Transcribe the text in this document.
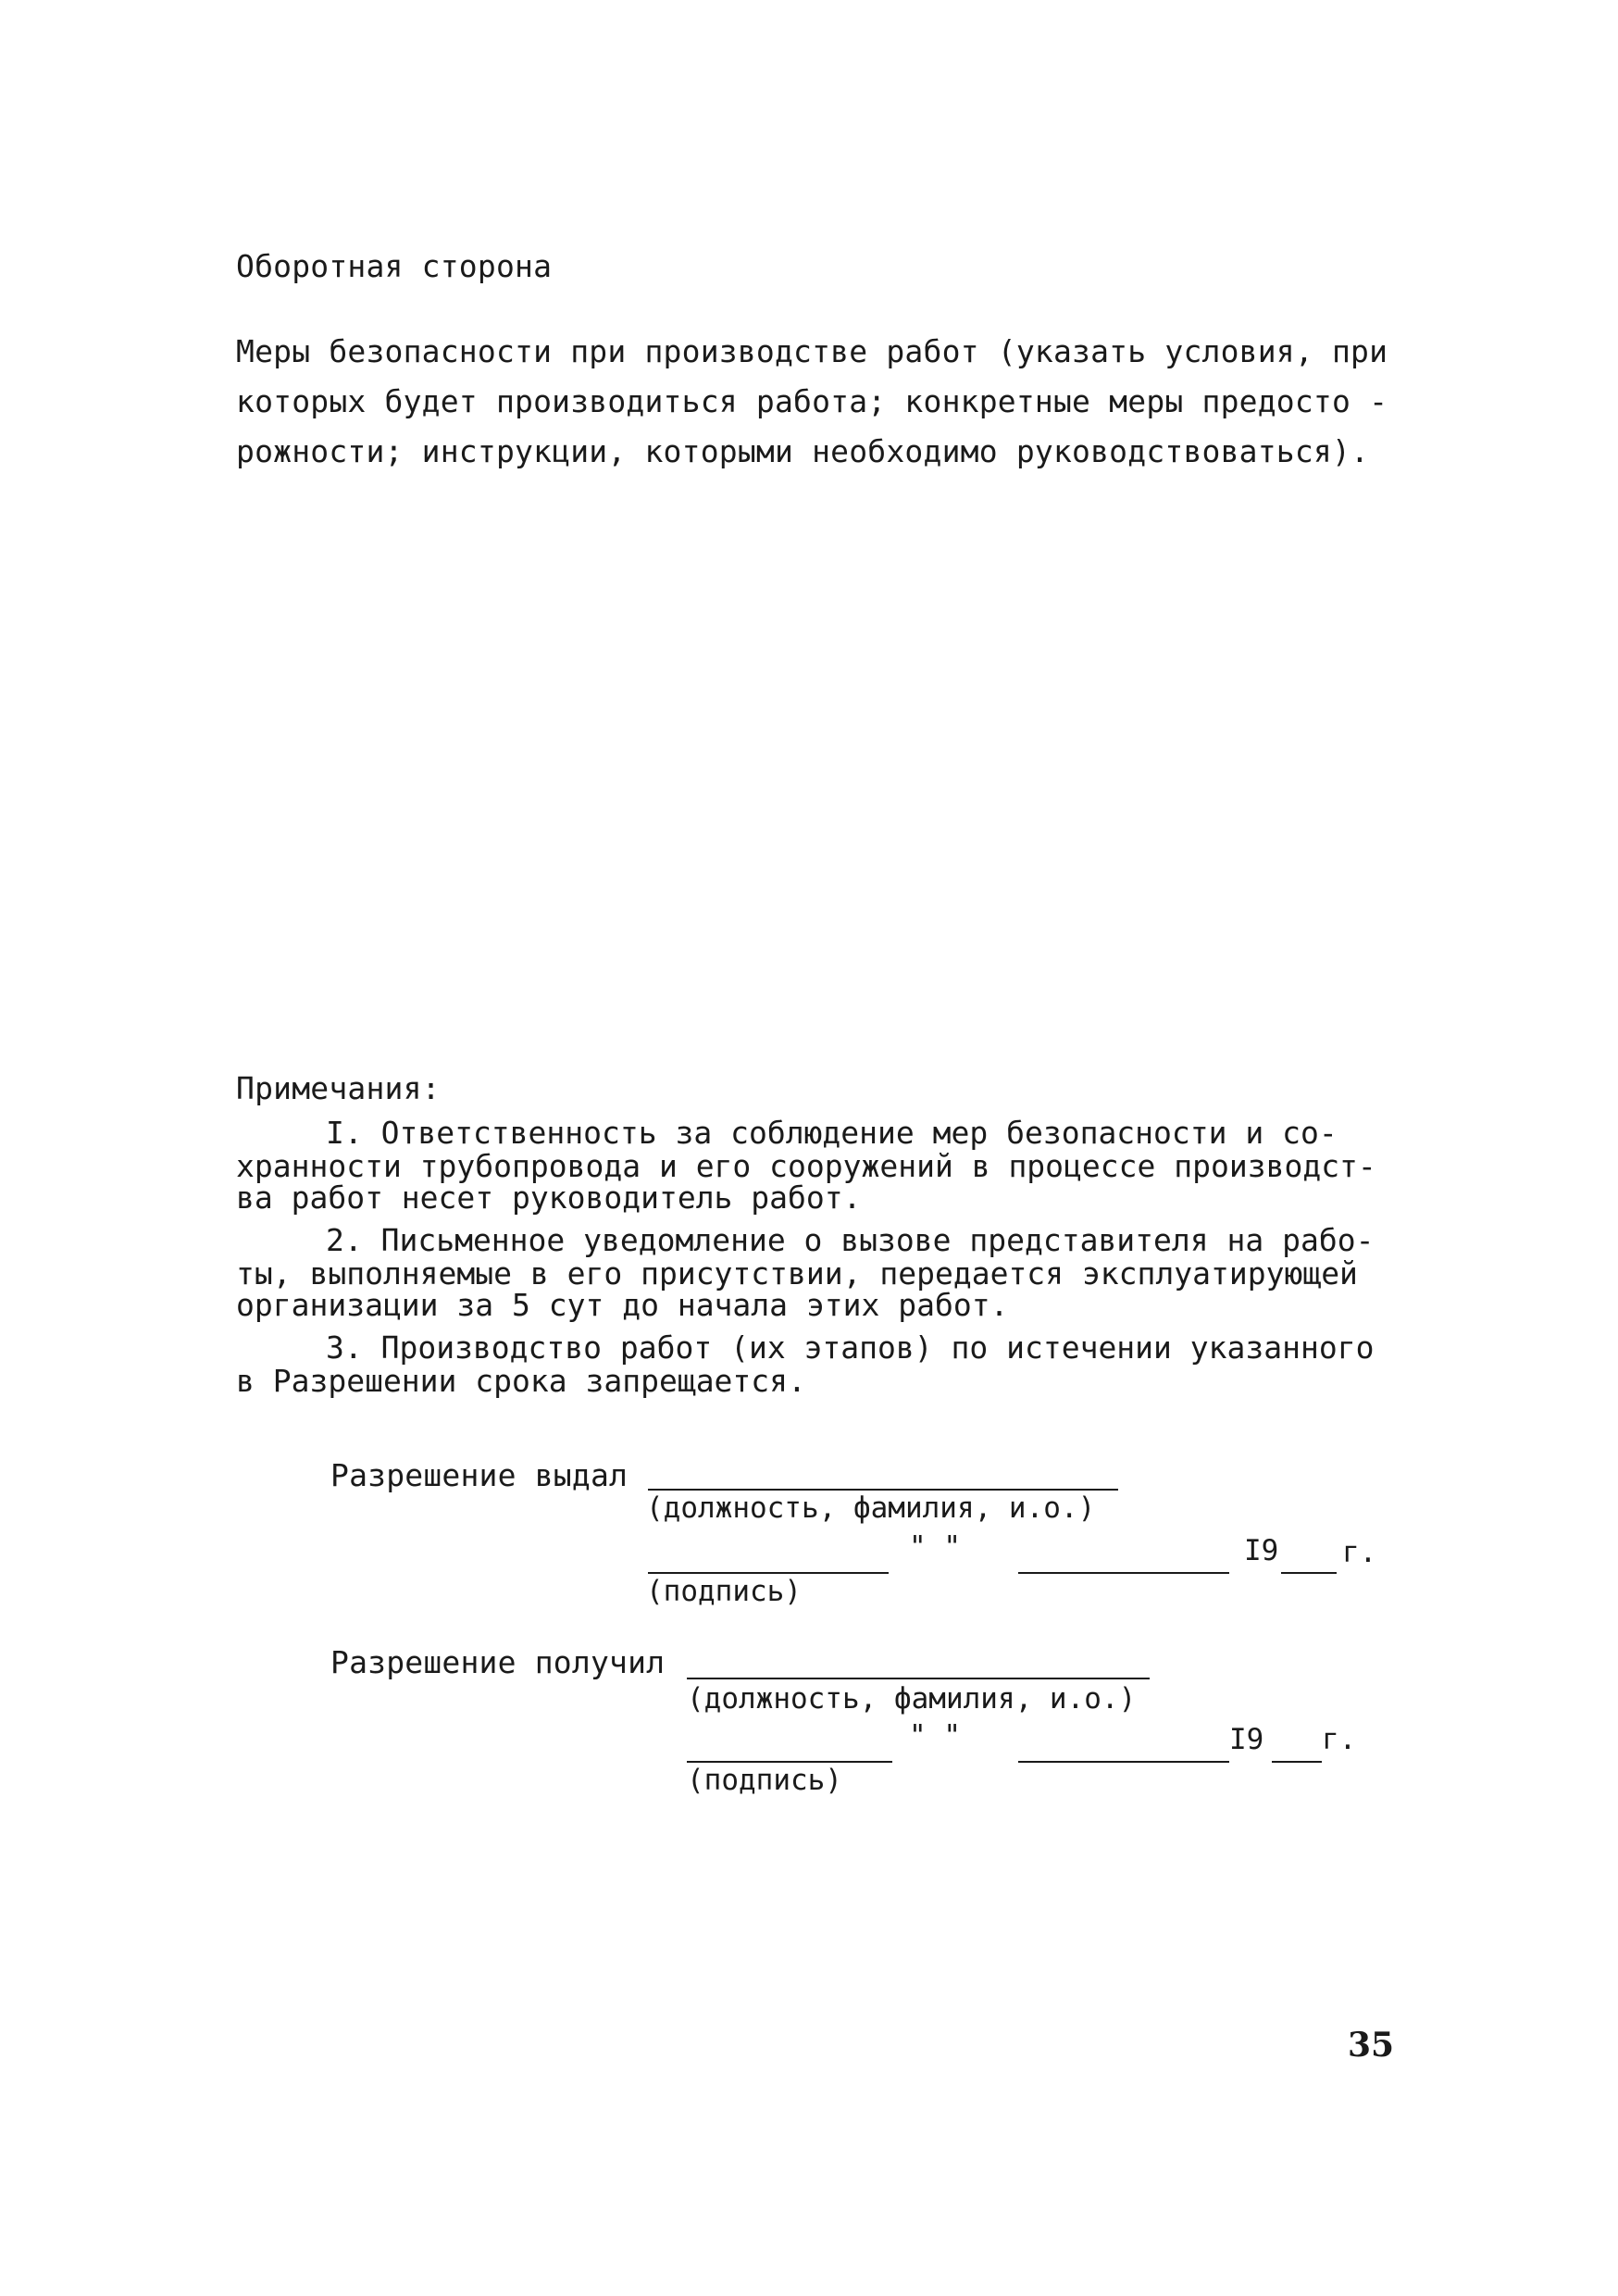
Оборотная сторона
Меры безопасности при производстве работ (указать условия, при
которых будет производиться работа; конкретные меры предосто -
рожности; инструкции, которыми необходимо руководствоваться).
Примечания:
I. Ответственность за соблюдение мер безопасности и со-
хранности трубопровода и его сооружений в процессе производст-
ва работ несет руководитель работ.
2. Письменное уведомление о вызове представителя на рабо-
ты, выполняемые в его присутствии, передается эксплуатирующей
организации за 5 сут до начала этих работ.
3. Производство работ (их этапов) по истечении указанного
в Разрешении срока запрещается.
Разрешение выдал
(должность, фамилия, и.о.)
" "	I9 г.
(подпись)
Разрешение получил
(должность, фамилия, и.о.)
" "	I9 г.
(подпись)
35
